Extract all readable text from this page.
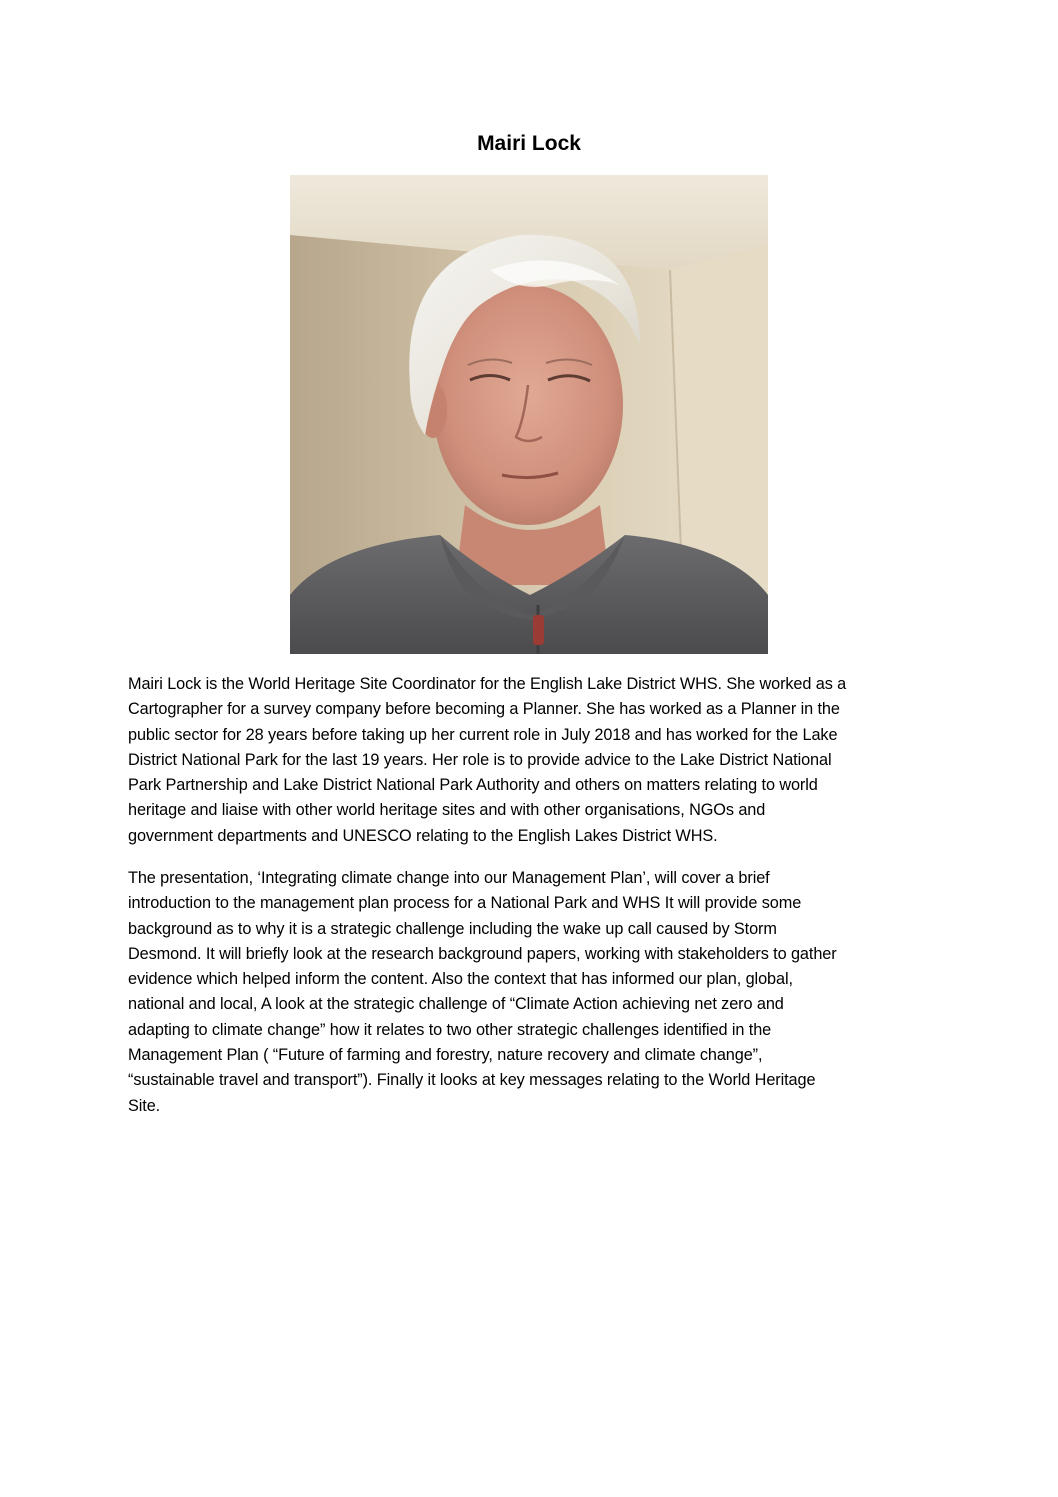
Mairi Lock

Mairi Lock is the World Heritage Site Coordinator for the English Lake District WHS. She worked as a
Cartographer for a survey company before becoming a Planner. She has worked as a Planner in the
public sector for 28 years before taking up her current role in July 2018 and has worked for the Lake
District National Park for the last 19 years. Her role is to provide advice to the Lake District National
Park Partnership and Lake District National Park Authority and others on matters relating to world
heritage and liaise with other world heritage sites and with other organisations, NGOs and
government departments and UNESCO relating to the English Lakes District WHS.

The presentation, ‘Integrating climate change into our Management Plan’, will cover a brief
introduction to the management plan process for a National Park and WHS It will provide some
background as to why it is a strategic challenge including the wake up call caused by Storm
Desmond. It will briefly look at the research background papers, working with stakeholders to gather
evidence which helped inform the content. Also the context that has informed our plan, global,
national and local, A look at the strategic challenge of “Climate Action achieving net zero and
adapting to climate change” how it relates to two other strategic challenges identified in the
Management Plan ( “Future of farming and forestry, nature recovery and climate change”,
“sustainable travel and transport”). Finally it looks at key messages relating to the World Heritage
Site.
